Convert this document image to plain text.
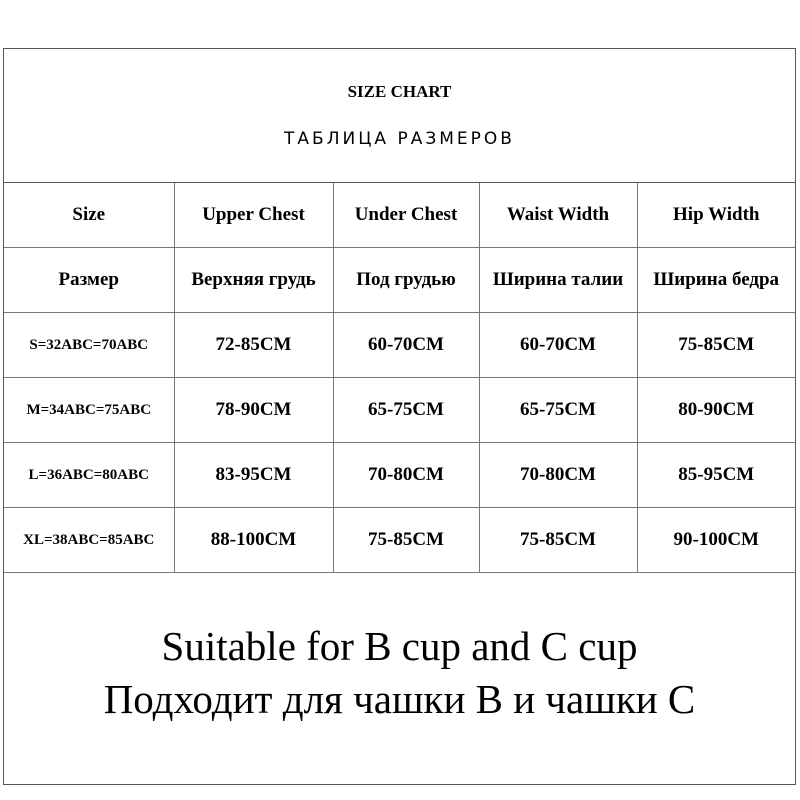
SIZE CHART
ТАБЛИЦА РАЗМЕРОВ
Size	Upper Chest	Under Chest	Waist Width	Hip Width
Размер	Верхняя грудь	Под грудью	Ширина талии	Ширина бедра
S=32ABC=70ABC	72-85CM	60-70CM	60-70CM	75-85CM
M=34ABC=75ABC	78-90CM	65-75CM	65-75CM	80-90CM
L=36ABC=80ABC	83-95CM	70-80CM	70-80CM	85-95CM
XL=38ABC=85ABC	88-100CM	75-85CM	75-85CM	90-100CM
Suitable for B cup and C cup
Подходит для чашки B и чашки C
